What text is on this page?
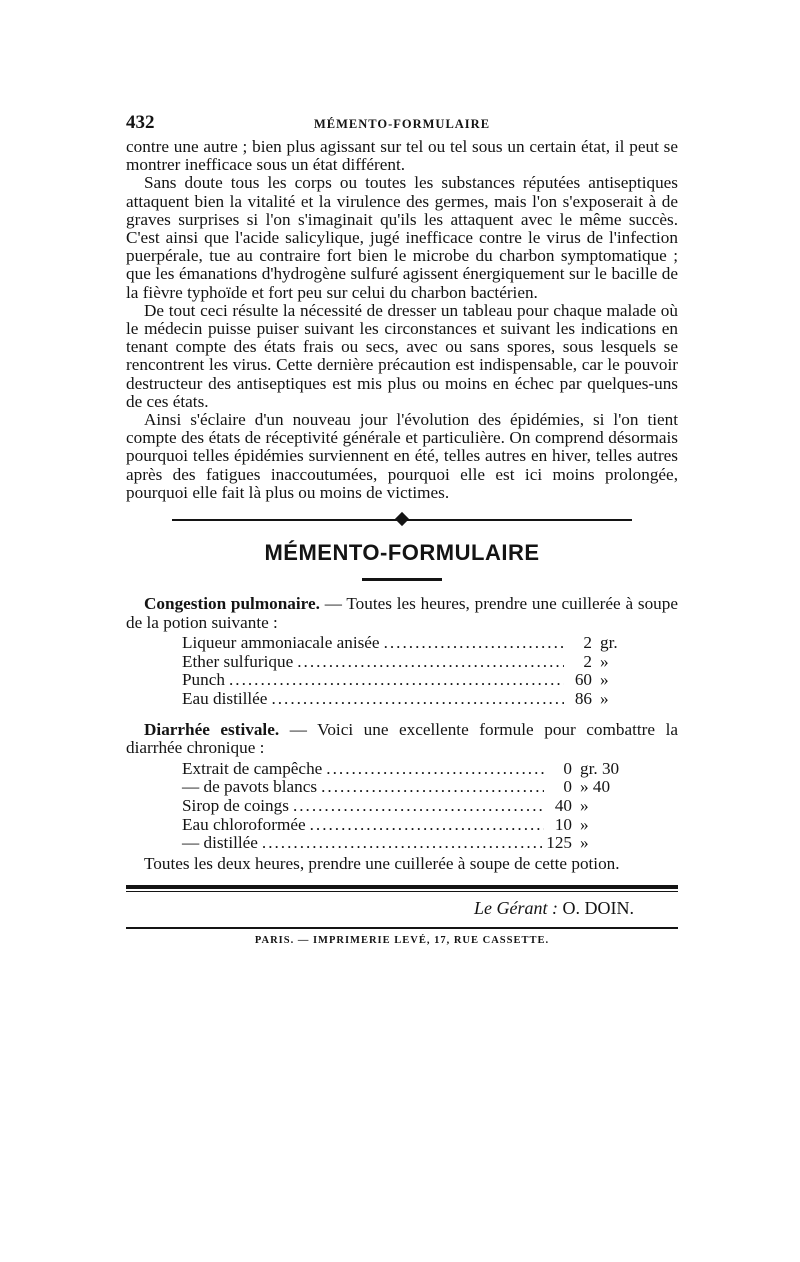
432	MÉMENTO-FORMULAIRE

contre une autre ; bien plus agissant sur tel ou tel sous un certain état, il peut se montrer inefficace sous un état différent.

Sans doute tous les corps ou toutes les substances réputées antiseptiques attaquent bien la vitalité et la virulence des germes, mais l'on s'exposerait à de graves surprises si l'on s'imaginait qu'ils les attaquent avec le même succès. C'est ainsi que l'acide salicylique, jugé inefficace contre le virus de l'infection puerpérale, tue au contraire fort bien le microbe du charbon symptomatique ; que les émanations d'hydrogène sulfuré agissent énergiquement sur le bacille de la fièvre typhoïde et fort peu sur celui du charbon bactérien.

De tout ceci résulte la nécessité de dresser un tableau pour chaque malade où le médecin puisse puiser suivant les circonstances et suivant les indications en tenant compte des états frais ou secs, avec ou sans spores, sous lesquels se rencontrent les virus. Cette dernière précaution est indispensable, car le pouvoir destructeur des antiseptiques est mis plus ou moins en échec par quelques-uns de ces états.

Ainsi s'éclaire d'un nouveau jour l'évolution des épidémies, si l'on tient compte des états de réceptivité générale et particulière. On comprend désormais pourquoi telles épidémies surviennent en été, telles autres en hiver, telles autres après des fatigues inaccoutumées, pourquoi elle est ici moins prolongée, pourquoi elle fait là plus ou moins de victimes.

MÉMENTO-FORMULAIRE
Congestion pulmonaire. — Toutes les heures, prendre une cuillerée à soupe de la potion suivante :
Liqueur ammoniacale anisée .....	2 gr.
Ether sulfurique .....	2 »
Punch .....	60 »
Eau distillée .....	86 »
Diarrhée estivale. — Voici une excellente formule pour combattre la diarrhée chronique :
Extrait de campêche .....	0 gr. 30
— de pavots blancs .....	0 » 40
Sirop de coings .....	40 »
Eau chloroformée .....	10 »
— distillée .....	125 »
Toutes les deux heures, prendre une cuillerée à soupe de cette potion.
Le Gérant : O. DOIN.
PARIS. — IMPRIMERIE LEVÉ, 17, RUE CASSETTE.
